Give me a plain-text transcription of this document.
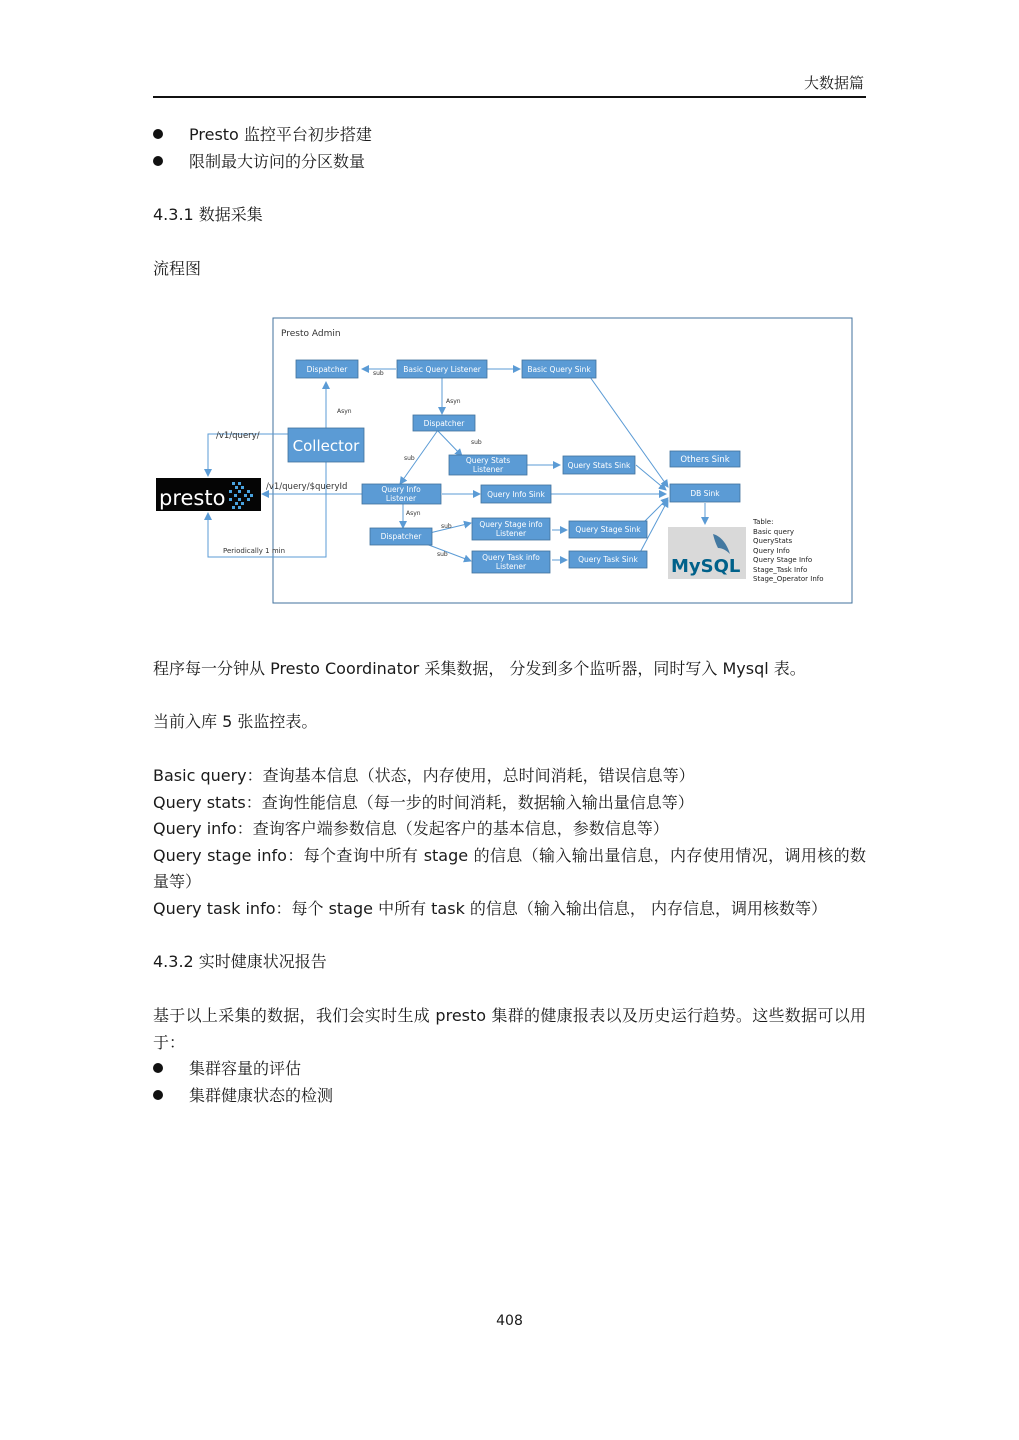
大数据篇
Presto 监控平台初步搭建
限制最大访问的分区数量
4.3.1 数据采集
流程图
Presto Admin
Dispatcher	Basic Query Listener	Basic Query Sink
Dispatcher
Collector
Query Stats
Listener	Query Stats Sink
Others Sink
Query Info
Listener	Query Info Sink	DB Sink
Dispatcher
Query Stage info
Listener	Query Stage Sink
Query Task info
Listener
Query Task Sink
sub
Asyn
Asyn
sub
sub
Asyn
sub
sub
/v1/query/
/v1/query/$queryId
Periodically 1 min
presto
MySQL
Table:
Basic query
QueryStats
Query Info
Query Stage Info
Stage_Task Info
Stage_Operator Info
程序每一分钟从 Presto Coordinator 采集数据， 分发到多个监听器，同时写入 Mysql 表。
当前入库 5 张监控表。
Basic query：查询基本信息（状态，内存使用，总时间消耗，错误信息等）
Query stats：查询性能信息（每一步的时间消耗，数据输入输出量信息等）
Query info：查询客户端参数信息（发起客户的基本信息，参数信息等）
Query stage info：每个查询中所有 stage 的信息（输入输出量信息，内存使用情况，调用核的数量等）
Query task info：每个 stage 中所有 task 的信息（输入输出信息， 内存信息，调用核数等）
4.3.2 实时健康状况报告
基于以上采集的数据，我们会实时生成 presto 集群的健康报表以及历史运行趋势。这些数据可以用于：
集群容量的评估
集群健康状态的检测
408
